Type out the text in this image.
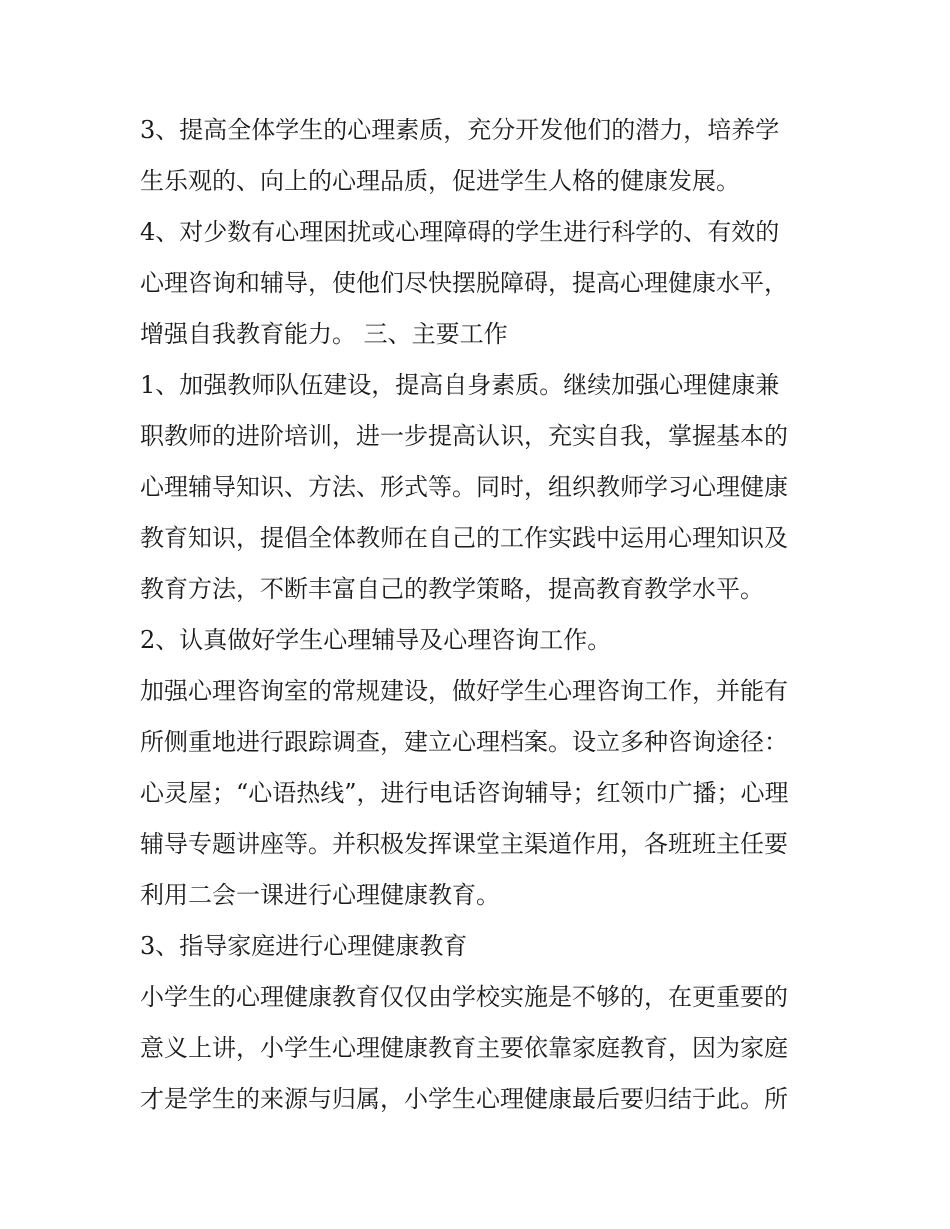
3、提高全体学生的心理素质，充分开发他们的潜力，培养学
生乐观的、向上的心理品质，促进学生人格的健康发展。
4、对少数有心理困扰或心理障碍的学生进行科学的、有效的
心理咨询和辅导，使他们尽快摆脱障碍，提高心理健康水平，
增强自我教育能力。 三、主要工作
1、加强教师队伍建设，提高自身素质。继续加强心理健康兼
职教师的进阶培训，进一步提高认识，充实自我，掌握基本的
心理辅导知识、方法、形式等。同时，组织教师学习心理健康
教育知识，提倡全体教师在自己的工作实践中运用心理知识及
教育方法，不断丰富自己的教学策略，提高教育教学水平。
2、认真做好学生心理辅导及心理咨询工作。
加强心理咨询室的常规建设，做好学生心理咨询工作，并能有
所侧重地进行跟踪调查，建立心理档案。设立多种咨询途径：
心灵屋；“心语热线”，进行电话咨询辅导；红领巾广播；心理
辅导专题讲座等。并积极发挥课堂主渠道作用，各班班主任要
利用二会一课进行心理健康教育。
3、指导家庭进行心理健康教育
小学生的心理健康教育仅仅由学校实施是不够的，在更重要的
意义上讲，小学生心理健康教育主要依靠家庭教育，因为家庭
才是学生的来源与归属，小学生心理健康最后要归结于此。所
